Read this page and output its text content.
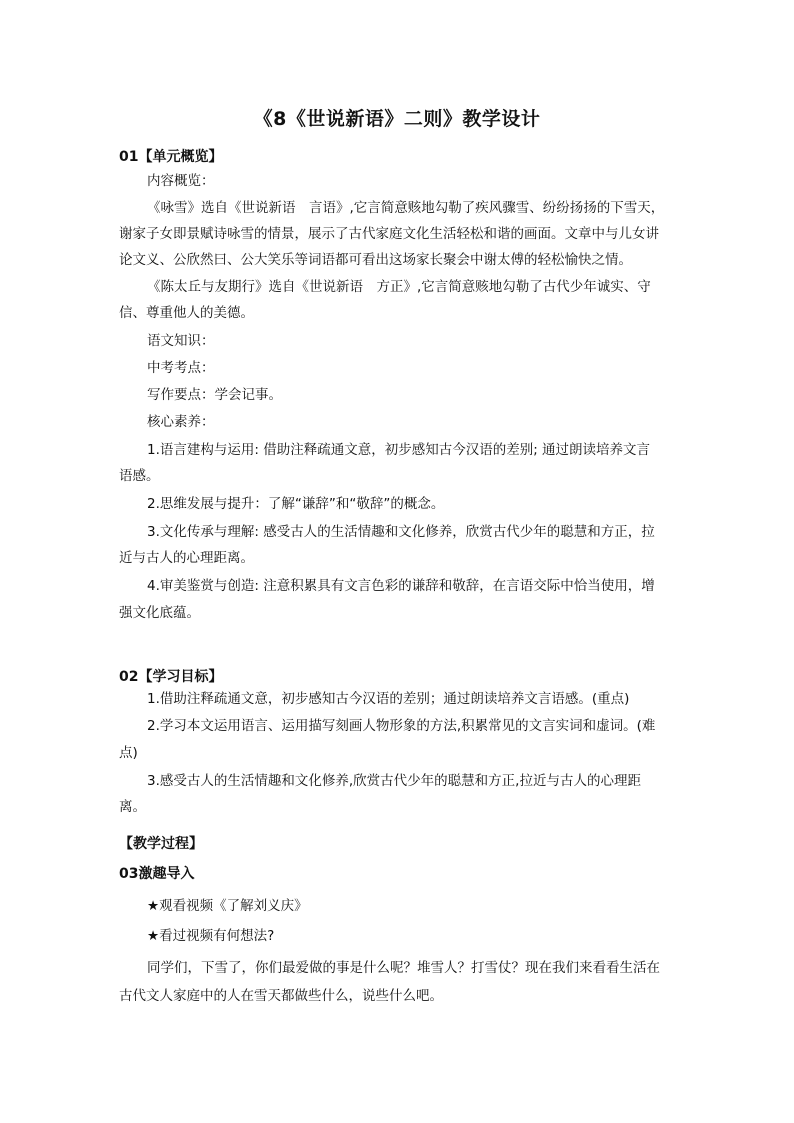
《8《世说新语》二则》教学设计
01【单元概览】
内容概览：
《咏雪》选自《世说新语　言语》,它言简意赅地勾勒了疾风骤雪、纷纷扬扬的下雪天，
谢家子女即景赋诗咏雪的情景，展示了古代家庭文化生活轻松和谐的画面。文章中与儿女讲
论文义、公欣然曰、公大笑乐等词语都可看出这场家长聚会中谢太傅的轻松愉快之情。
《陈太丘与友期行》选自《世说新语　方正》,它言简意赅地勾勒了古代少年诚实、守
信、尊重他人的美德。
语文知识：
中考考点：
写作要点：学会记事。
核心素养：
1.语言建构与运用: 借助注释疏通文意，初步感知古今汉语的差别; 通过朗读培养文言
语感。
2.思维发展与提升：了解“谦辞”和“敬辞”的概念。
3.文化传承与理解: 感受古人的生活情趣和文化修养，欣赏古代少年的聪慧和方正，拉
近与古人的心理距离。
4.审美鉴赏与创造: 注意积累具有文言色彩的谦辞和敬辞，在言语交际中恰当使用，增
强文化底蕴。
02【学习目标】
1.借助注释疏通文意，初步感知古今汉语的差别；通过朗读培养文言语感。(重点)
2.学习本文运用语言、运用描写刻画人物形象的方法,积累常见的文言实词和虚词。(难
点)
3.感受古人的生活情趣和文化修养,欣赏古代少年的聪慧和方正,拉近与古人的心理距
离。
【教学过程】
03激趣导入
★观看视频《了解刘义庆》
★看过视频有何想法?
同学们，下雪了，你们最爱做的事是什么呢？堆雪人？打雪仗？现在我们来看看生活在
古代文人家庭中的人在雪天都做些什么，说些什么吧。
